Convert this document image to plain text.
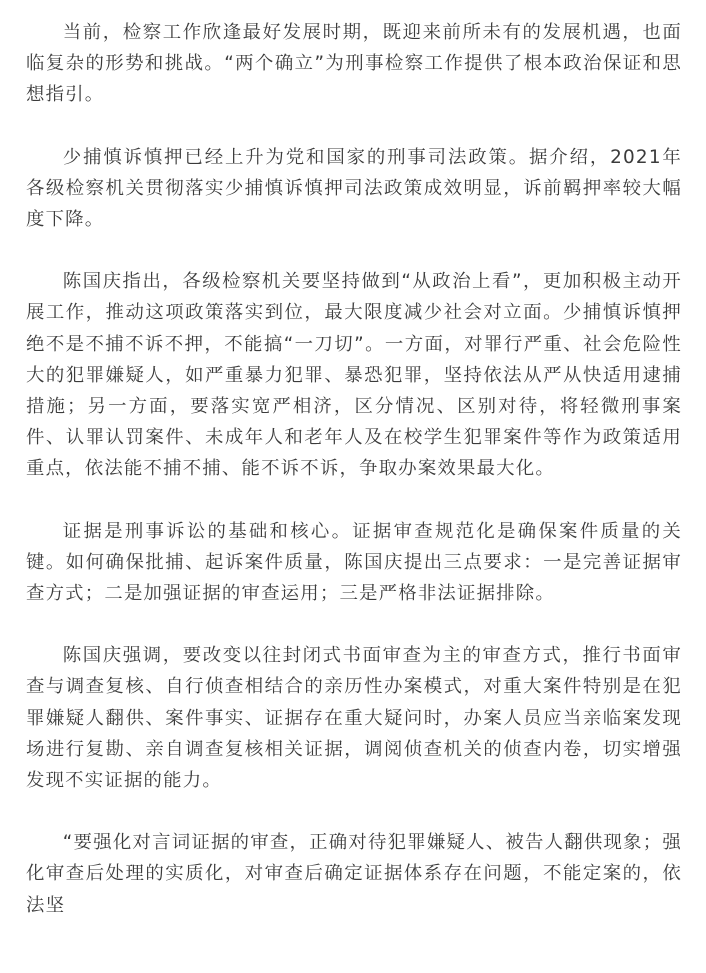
当前，检察工作欣逢最好发展时期，既迎来前所未有的发展机遇，也面临复杂的形势和挑战。“两个确立”为刑事检察工作提供了根本政治保证和思想指引。

少捕慎诉慎押已经上升为党和国家的刑事司法政策。据介绍，2021年各级检察机关贯彻落实少捕慎诉慎押司法政策成效明显，诉前羁押率较大幅度下降。

陈国庆指出，各级检察机关要坚持做到“从政治上看”，更加积极主动开展工作，推动这项政策落实到位，最大限度减少社会对立面。少捕慎诉慎押绝不是不捕不诉不押，不能搞“一刀切”。一方面，对罪行严重、社会危险性大的犯罪嫌疑人，如严重暴力犯罪、暴恐犯罪，坚持依法从严从快适用逮捕措施；另一方面，要落实宽严相济，区分情况、区别对待，将轻微刑事案件、认罪认罚案件、未成年人和老年人及在校学生犯罪案件等作为政策适用重点，依法能不捕不捕、能不诉不诉，争取办案效果最大化。

证据是刑事诉讼的基础和核心。证据审查规范化是确保案件质量的关键。如何确保批捕、起诉案件质量，陈国庆提出三点要求：一是完善证据审查方式；二是加强证据的审查运用；三是严格非法证据排除。

陈国庆强调，要改变以往封闭式书面审查为主的审查方式，推行书面审查与调查复核、自行侦查相结合的亲历性办案模式，对重大案件特别是在犯罪嫌疑人翻供、案件事实、证据存在重大疑问时，办案人员应当亲临案发现场进行复勘、亲自调查复核相关证据，调阅侦查机关的侦查内卷，切实增强发现不实证据的能力。

“要强化对言词证据的审查，正确对待犯罪嫌疑人、被告人翻供现象；强化审查后处理的实质化，对审查后确定证据体系存在问题，不能定案的，依法坚
